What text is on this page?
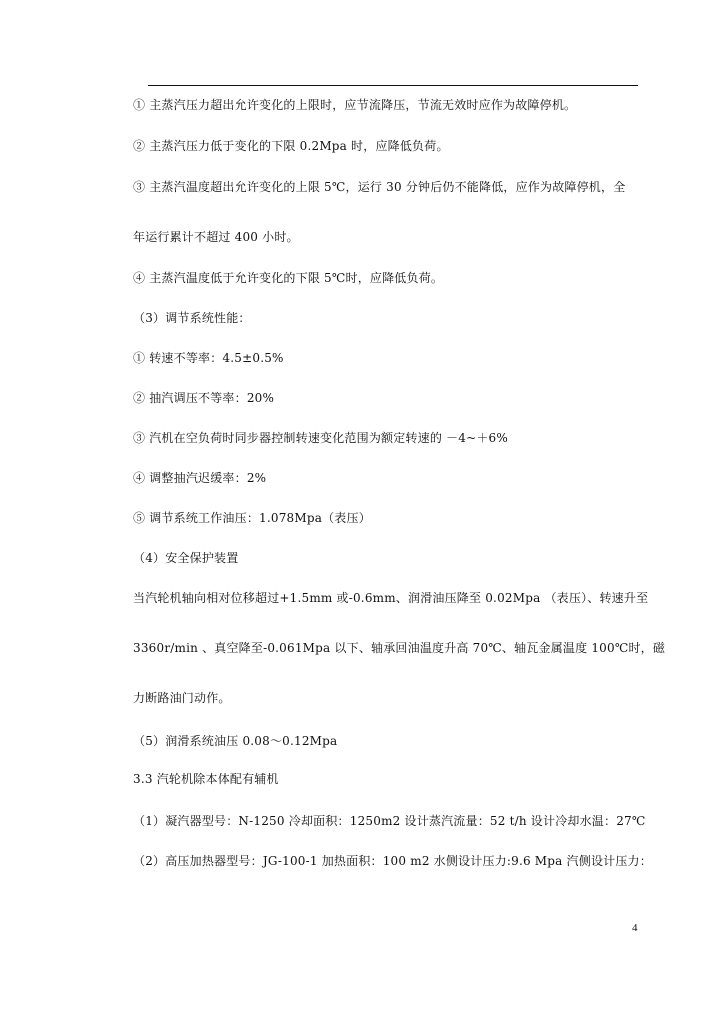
① 主蒸汽压力超出允许变化的上限时，应节流降压，节流无效时应作为故障停机。
② 主蒸汽压力低于变化的下限 0.2Mpa 时，应降低负荷。
③ 主蒸汽温度超出允许变化的上限 5℃，运行 30 分钟后仍不能降低，应作为故障停机，全
年运行累计不超过 400 小时。
④ 主蒸汽温度低于允许变化的下限 5℃时，应降低负荷。
（3）调节系统性能：
① 转速不等率：4.5±0.5%
② 抽汽调压不等率：20%
③ 汽机在空负荷时同步器控制转速变化范围为额定转速的 －4~＋6%
④ 调整抽汽迟缓率：2%
⑤ 调节系统工作油压：1.078Mpa（表压）
（4）安全保护装置
当汽轮机轴向相对位移超过+1.5mm 或-0.6mm、润滑油压降至 0.02Mpa （表压）、转速升至
3360r/min 、真空降至-0.061Mpa 以下、轴承回油温度升高 70℃、轴瓦金属温度 100℃时，磁
力断路油门动作。
（5）润滑系统油压 0.08～0.12Mpa
3.3 汽轮机除本体配有辅机
（1）凝汽器型号：N-1250 冷却面积：1250m2 设计蒸汽流量：52 t/h 设计冷却水温：27℃
（2）高压加热器型号：JG-100-1 加热面积：100 m2 水侧设计压力:9.6 Mpa 汽侧设计压力：
4
